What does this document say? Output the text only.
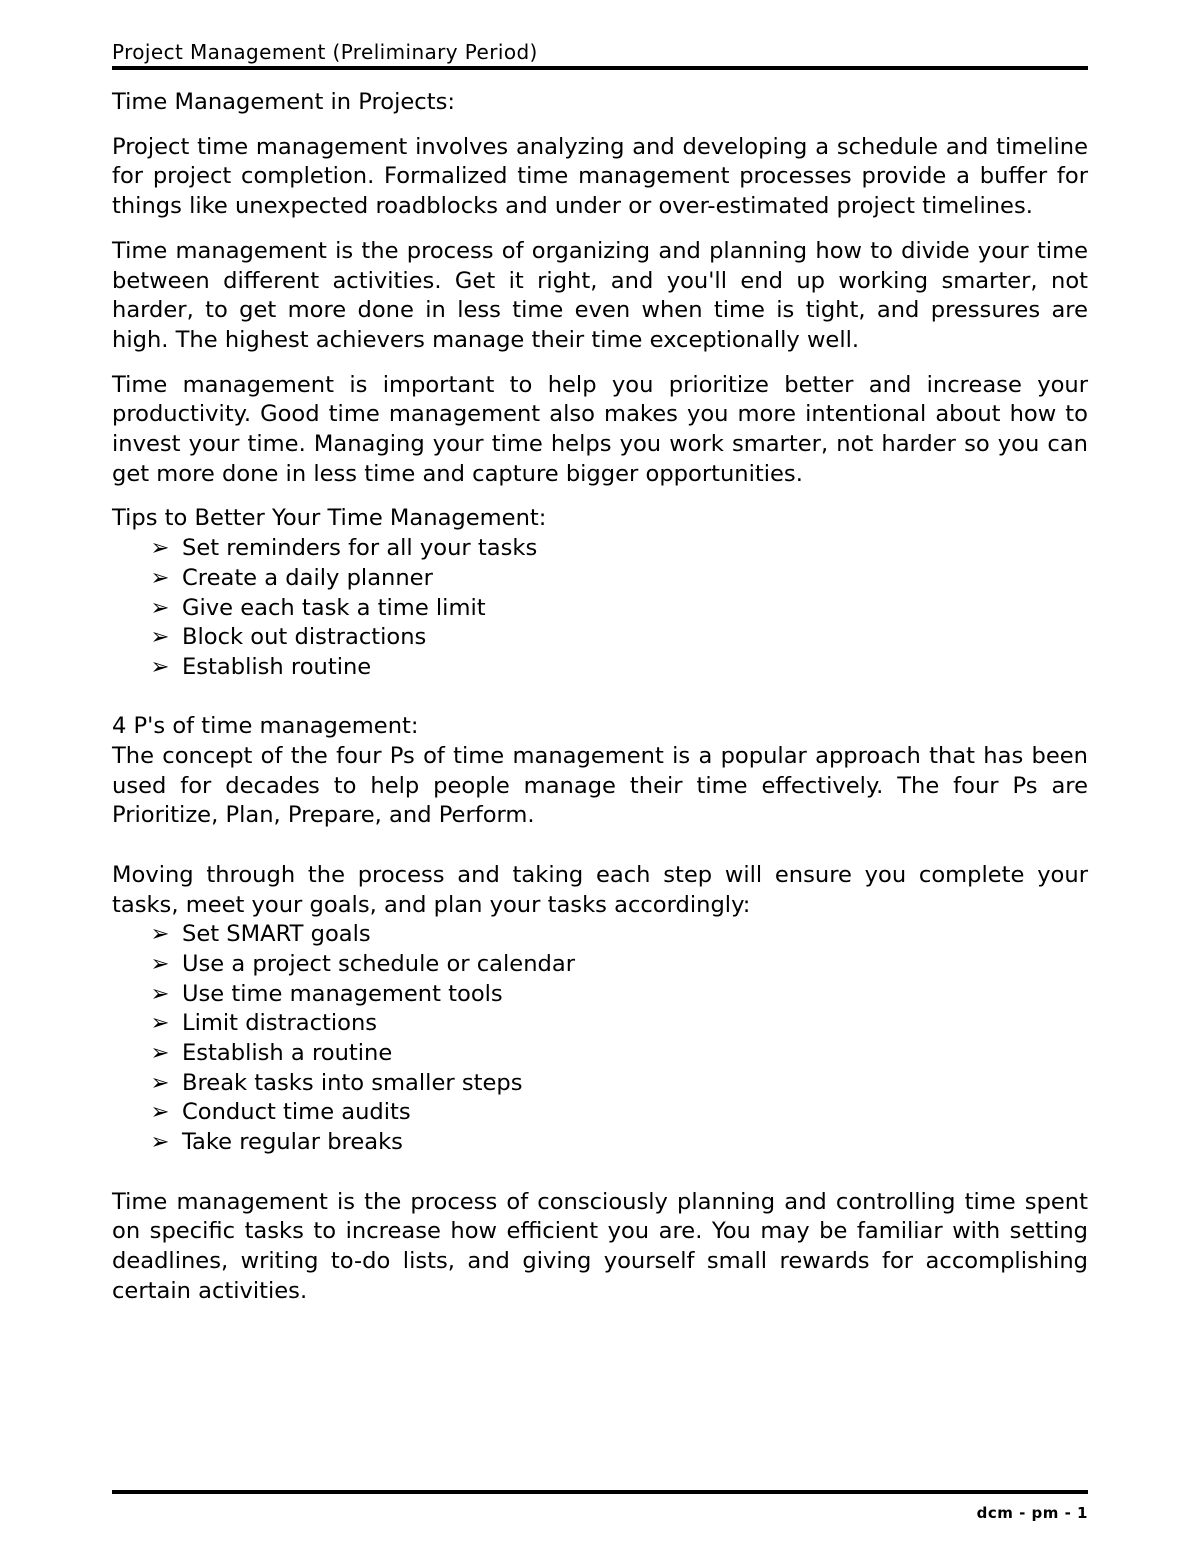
Project Management (Preliminary Period)

Time Management in Projects:

Project time management involves analyzing and developing a schedule and timeline for project completion. Formalized time management processes provide a buffer for things like unexpected roadblocks and under or over-estimated project timelines.

Time management is the process of organizing and planning how to divide your time between different activities. Get it right, and you'll end up working smarter, not harder, to get more done in less time even when time is tight, and pressures are high. The highest achievers manage their time exceptionally well.

Time management is important to help you prioritize better and increase your productivity. Good time management also makes you more intentional about how to invest your time. Managing your time helps you work smarter, not harder so you can get more done in less time and capture bigger opportunities.

Tips to Better Your Time Management:

➢ Set reminders for all your tasks
➢ Create a daily planner
➢ Give each task a time limit
➢ Block out distractions
➢ Establish routine

4 P's of time management:

The concept of the four Ps of time management is a popular approach that has been used for decades to help people manage their time effectively. The four Ps are Prioritize, Plan, Prepare, and Perform.

Moving through the process and taking each step will ensure you complete your tasks, meet your goals, and plan your tasks accordingly:

➢ Set SMART goals
➢ Use a project schedule or calendar
➢ Use time management tools
➢ Limit distractions
➢ Establish a routine
➢ Break tasks into smaller steps
➢ Conduct time audits
➢ Take regular breaks

Time management is the process of consciously planning and controlling time spent on specific tasks to increase how efficient you are. You may be familiar with setting deadlines, writing to-do lists, and giving yourself small rewards for accomplishing certain activities.

dcm - pm - 1
